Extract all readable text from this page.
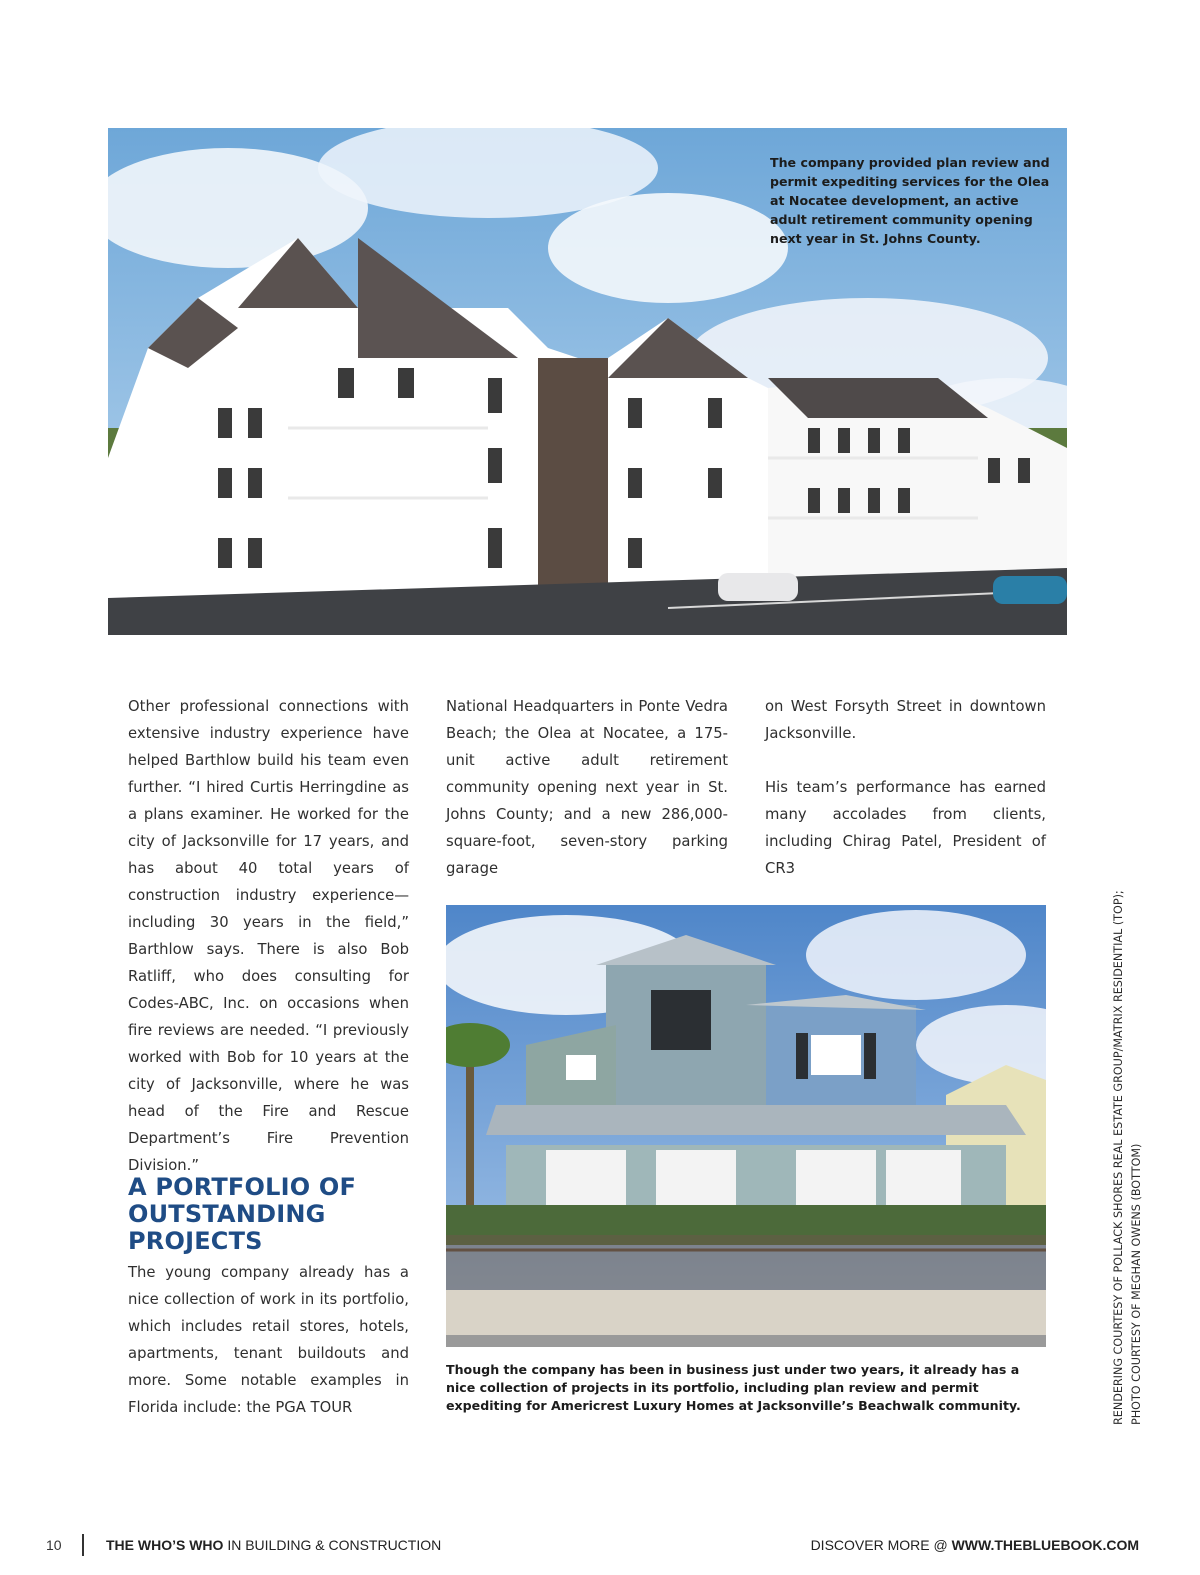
The company provided plan review and permit expediting services for the Olea at Nocatee development, an active adult retirement community opening next year in St. Johns County.

Other professional connections with extensive industry experience have helped Barthlow build his team even further. “I hired Curtis Herringdine as a plans examiner. He worked for the city of Jacksonville for 17 years, and has about 40 total years of construction industry experience—including 30 years in the field,” Barthlow says. There is also Bob Ratliff, who does consulting for Codes-ABC, Inc. on occasions when fire reviews are needed. “I previously worked with Bob for 10 years at the city of Jacksonville, where he was head of the Fire and Rescue Department’s Fire Prevention Division.”

A PORTFOLIO OF OUTSTANDING PROJECTS

The young company already has a nice collection of work in its portfolio, which includes retail stores, hotels, apartments, tenant buildouts and more. Some notable examples in Florida include: the PGA TOUR

National Headquarters in Ponte Vedra Beach; the Olea at Nocatee, a 175-unit active adult retirement community opening next year in St. Johns County; and a new 286,000-square-foot, seven-story parking garage

on West Forsyth Street in downtown Jacksonville.

His team’s performance has earned many accolades from clients, including Chirag Patel, President of CR3

Though the company has been in business just under two years, it already has a nice collection of projects in its portfolio, including plan review and permit expediting for Americrest Luxury Homes at Jacksonville’s Beachwalk community.	RENDERING COURTESY OF POLLACK SHORES REAL ESTATE GROUP/MATRIX RESIDENTIAL (TOP); PHOTO COURTESY OF MEGHAN OWENS (BOTTOM)
10	THE WHO’S WHO IN BUILDING & CONSTRUCTION	DISCOVER MORE @ WWW.THEBLUEBOOK.COM
